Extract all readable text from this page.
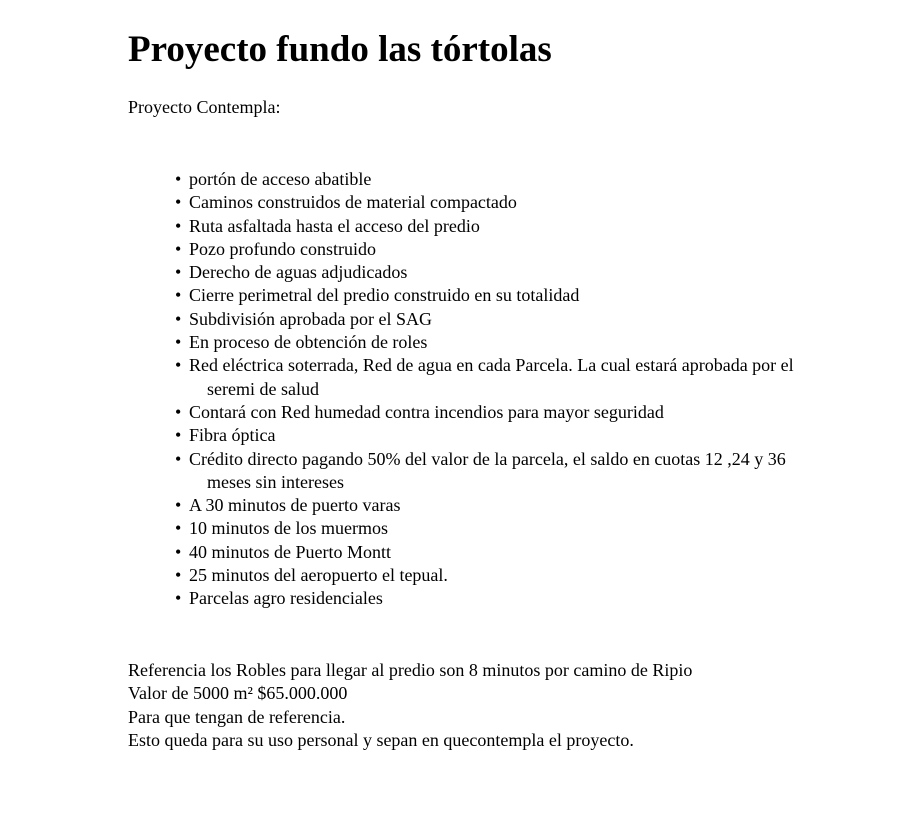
Proyecto fundo las tórtolas

Proyecto Contempla:

• portón de acceso abatible
• Caminos construidos de material compactado
• Ruta asfaltada hasta el acceso del predio
• Pozo profundo construido
• Derecho de aguas adjudicados
• Cierre perimetral del predio construido en su totalidad
• Subdivisión aprobada por el SAG
• En proceso de obtención de roles
• Red eléctrica soterrada, Red de agua en cada Parcela. La cual estará aprobada por el
seremi de salud
• Contará con Red humedad contra incendios para mayor seguridad
• Fibra óptica
• Crédito directo pagando 50% del valor de la parcela, el saldo en cuotas 12 ,24 y 36
meses sin intereses
• A 30 minutos de puerto varas
• 10 minutos de los muermos
• 40 minutos de Puerto Montt
• 25 minutos del aeropuerto el tepual.
• Parcelas agro residenciales

Referencia los Robles para llegar al predio son 8 minutos por camino de Ripio

Valor de 5000 m² $65.000.000

Para que tengan de referencia.

Esto queda para su uso personal y sepan en quecontempla el proyecto.
